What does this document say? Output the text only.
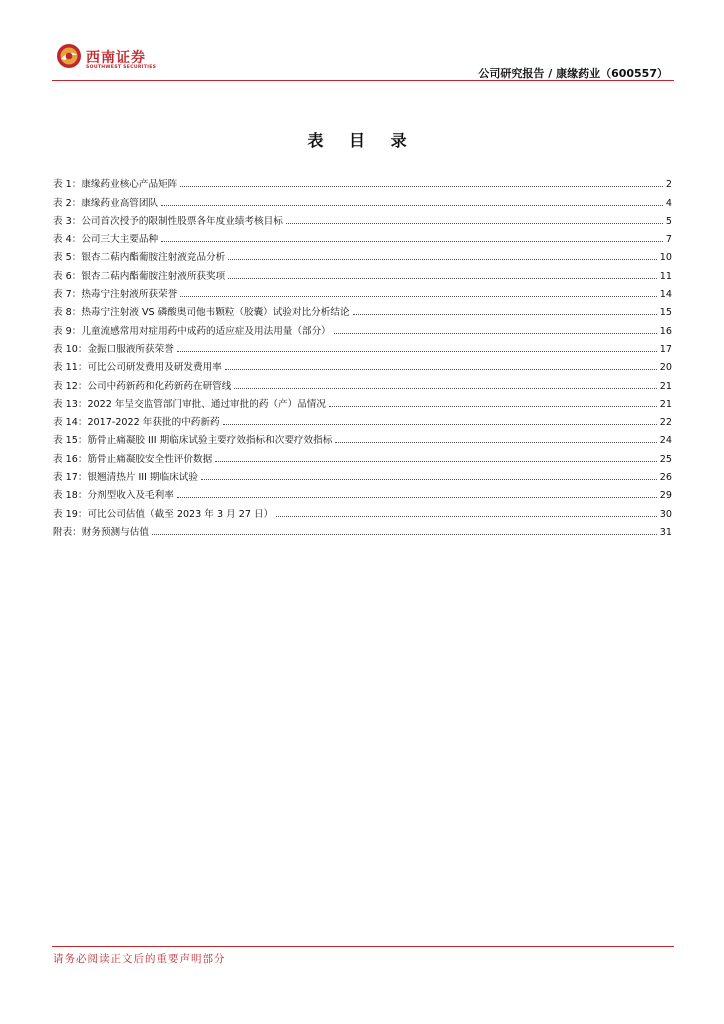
西南证券
SOUTHWEST SECURITIES	公司研究报告 / 康缘药业（600557）
表 目 录
表 1：康缘药业核心产品矩阵	2
表 2：康缘药业高管团队	4
表 3：公司首次授予的限制性股票各年度业绩考核目标	5
表 4：公司三大主要品种	7
表 5：银杏二萜内酯葡胺注射液竞品分析	10
表 6：银杏二萜内酯葡胺注射液所获奖项	11
表 7：热毒宁注射液所获荣誉	14
表 8：热毒宁注射液 VS 磷酸奥司他韦颗粒（胶囊）试验对比分析结论	15
表 9：儿童流感常用对症用药中成药的适应症及用法用量（部分）	16
表 10：金振口服液所获荣誉	17
表 11：可比公司研发费用及研发费用率	20
表 12：公司中药新药和化药新药在研管线	21
表 13：2022 年呈交监管部门审批、通过审批的药（产）品情况	21
表 14：2017-2022 年获批的中药新药	22
表 15：筋骨止痛凝胶 III 期临床试验主要疗效指标和次要疗效指标	24
表 16：筋骨止痛凝胶安全性评价数据	25
表 17：银翘清热片 III 期临床试验	26
表 18：分剂型收入及毛利率	29
表 19：可比公司估值（截至 2023 年 3 月 27 日）	30
附表：财务预测与估值	31
请务必阅读正文后的重要声明部分
